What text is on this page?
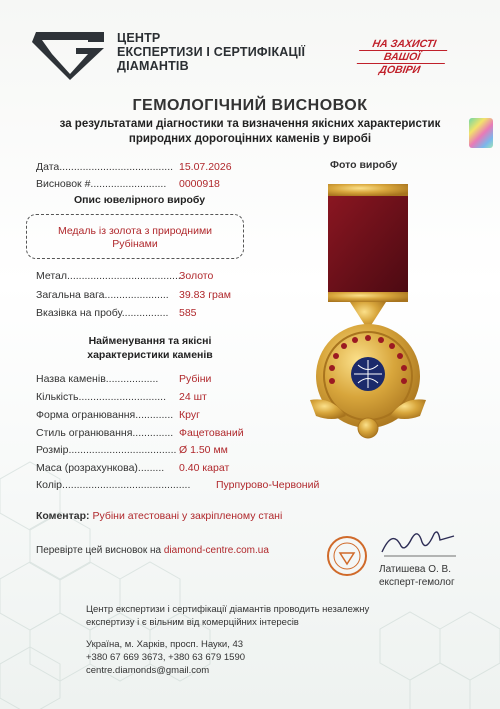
ЦЕНТР
ЕКСПЕРТИЗИ І СЕРТИФІКАЦІЇ
ДІАМАНТІВ
НА ЗАХИСТІ
ВАШОЇ
ДОВІРИ
ГЕМОЛОГІЧНИЙ ВИСНОВОК
за результатами діагностики та визначення якісних характеристик
природних дорогоцінних каменів у виробі
Дата....................................... 15.07.2026
Висновок #.......................... 0000918
Фото виробу
Опис ювелірного виробу
Медаль із золота з природними
Рубінами
Метал........................................
Золото
Загальна вага...................... 39.83 грам
Вказівка на пробу................ 585
Найменування та якісні
характеристики каменів
Назва каменів.................. Рубіни
Кількість.............................. 24 шт
Форма огранювання............. Круг
Стиль огранювання.............. Фацетований
Розмір..................................... Ø 1.50 мм
Маса (розрахункова)......... 0.40 карат
Колір............................................ Пурпурово-Червоний
Коментар: Рубіни атестовані у закріпленому стані
Перевірте цей висновок на diamond-centre.com.ua
Латишева О. В.
експерт-гемолог
Центр експертизи і сертифікації діамантів проводить незалежну
експертизу і є вільним від комерційних інтересів
Україна, м. Харків, просп. Науки, 43
+380 67 669 3673, +380 63 679 1590
centre.diamonds@gmail.com
